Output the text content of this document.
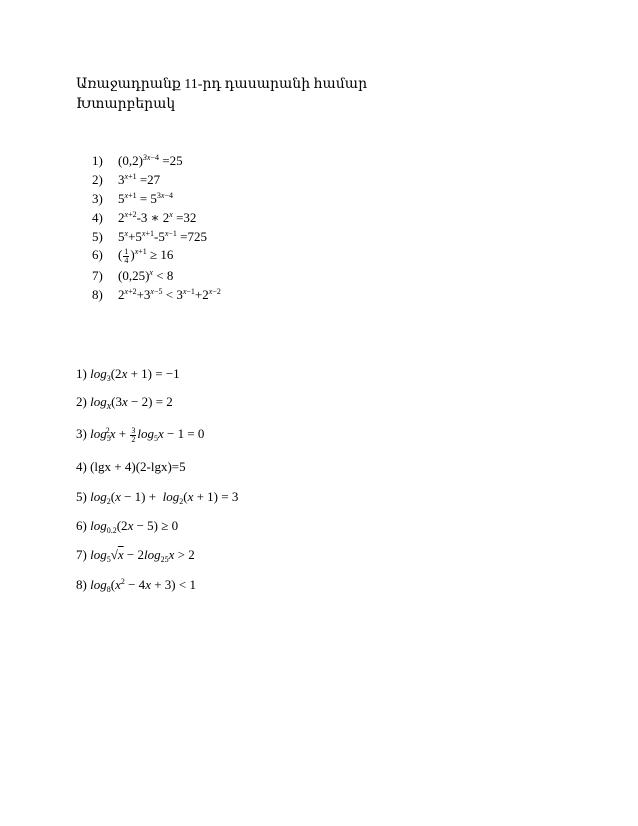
Առաջադրանք 11-րդ դասարանի համար
Խտարբերակ
1) $(0,2)^{3x-4} =25$
2) $3^{x+1} =27$
3) $5^{x+1} = 5^{3x-4}$
4) $2^{x+2}-3$ ∗ $2^x =32$
5) $5^x+5^{x+1}-5^{x-1} =725$
6) ( $\frac{1}{4} )^{x+1} \ge 16$
7) $(0,25)^x < 8$
8) $2^{x+2}+3^{x-5} < 3^{x-1}+2^{x-2}$
1) $\log_3(2x + 1) = -1$
2) $\log_x(3x - 2) = 2$
3) $\log_5^2x + \frac{3}{2} \log_5x - 1 = 0$
4) (lgx + 4)(2-lgx)=5
5) $\log_2(x - 1) + \log_2(x + 1) = 3$
6) $\log_{0.2}(2x - 5) \ge 0$
7) $\log_5√x - 2\log_{25}x > 2$
8) $\log_8(x^2 - 4x + 3) < 1$
